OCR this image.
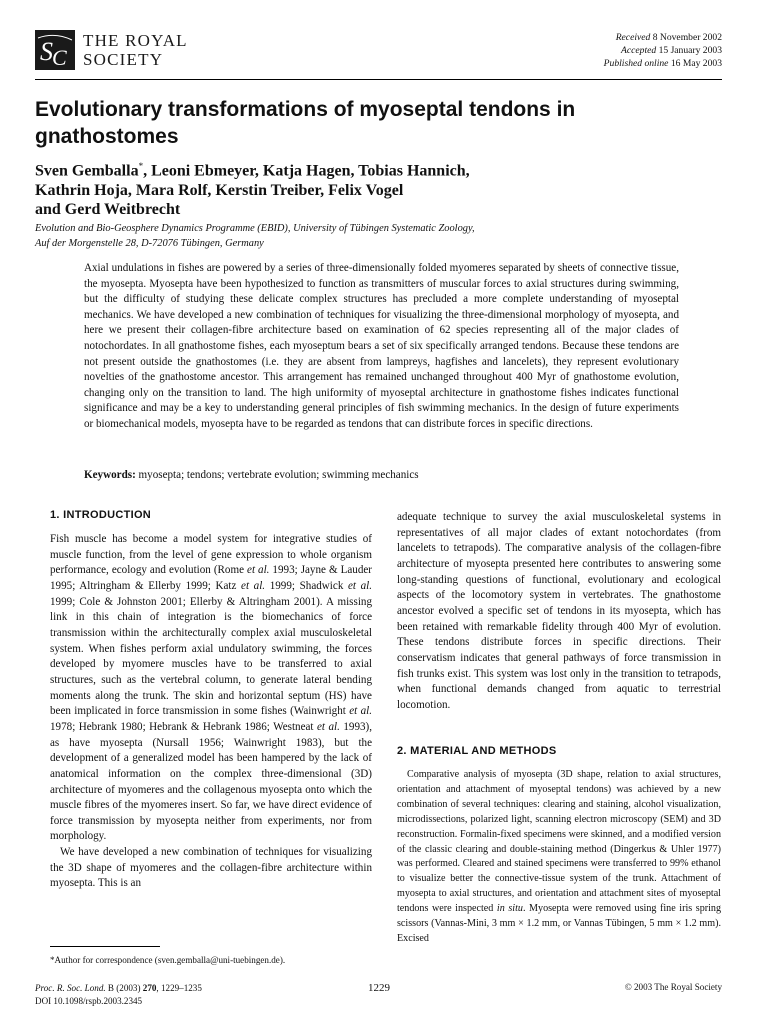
S C
THE ROYAL
SOCIETY
Received 8 November 2002
Accepted 15 January 2003
Published online 16 May 2003
Evolutionary transformations of myoseptal tendons in gnathostomes
Sven Gemballa*, Leoni Ebmeyer, Katja Hagen, Tobias Hannich,
Kathrin Hoja, Mara Rolf, Kerstin Treiber, Felix Vogel
and Gerd Weitbrecht
Evolution and Bio-Geosphere Dynamics Programme (EBID), University of Tübingen Systematic Zoology,
Auf der Morgenstelle 28, D-72076 Tübingen, Germany
Axial undulations in fishes are powered by a series of three-dimensionally folded myomeres separated by sheets of connective tissue, the myosepta. Myosepta have been hypothesized to function as transmitters of muscular forces to axial structures during swimming, but the difficulty of studying these delicate complex structures has precluded a more complete understanding of myoseptal mechanics. We have developed a new combination of techniques for visualizing the three-dimensional morphology of myosepta, and here we present their collagen-fibre architecture based on examination of 62 species representing all of the major clades of notochordates. In all gnathostome fishes, each myoseptum bears a set of six specifically arranged tendons. Because these tendons are not present outside the gnathostomes (i.e. they are absent from lampreys, hagfishes and lancelets), they represent evolutionary novelties of the gnathostome ancestor. This arrangement has remained unchanged throughout 400 Myr of gnathostome evolution, changing only on the transition to land. The high uniformity of myoseptal architecture in gnathostome fishes indicates functional significance and may be a key to understanding general principles of fish swimming mechanics. In the design of future experiments or biomechanical models, myosepta have to be regarded as tendons that can distribute forces in specific directions.
Keywords: myosepta; tendons; vertebrate evolution; swimming mechanics
1. INTRODUCTION

Fish muscle has become a model system for integrative studies of muscle function, from the level of gene expression to whole organism performance, ecology and evolution (Rome et al. 1993; Jayne & Lauder 1995; Altringham & Ellerby 1999; Katz et al. 1999; Shadwick et al. 1999; Cole & Johnston 2001; Ellerby & Altringham 2001). A missing link in this chain of integration is the biomechanics of force transmission within the architecturally complex axial musculoskeletal system. When fishes perform axial undulatory swimming, the forces developed by myomere muscles have to be transferred to axial structures, such as the vertebral column, to generate lateral bending moments along the trunk. The skin and horizontal septum (HS) have been implicated in force transmission in some fishes (Wainwright et al. 1978; Hebrank 1980; Hebrank & Hebrank 1986; Westneat et al. 1993), as have myosepta (Nursall 1956; Wainwright 1983), but the development of a generalized model has been hampered by the lack of anatomical information on the complex three-dimensional (3D) architecture of myomeres and the collagenous myosepta onto which the muscle fibres of the myomeres insert. So far, we have direct evidence of force transmission by myosepta neither from experiments, nor from morphology.

We have developed a new combination of techniques for visualizing the 3D shape of myomeres and the collagen-fibre architecture within myosepta. This is an

adequate technique to survey the axial musculoskeletal systems in representatives of all major clades of extant notochordates (from lancelets to tetrapods). The comparative analysis of the collagen-fibre architecture of myosepta presented here contributes to answering some long-standing questions of functional, evolutionary and ecological aspects of the locomotory system in vertebrates. The gnathostome ancestor evolved a specific set of tendons in its myosepta, which has been retained with remarkable fidelity through 400 Myr of evolution. These tendons distribute forces in specific directions. Their conservatism indicates that general pathways of force transmission in fish trunks exist. This system was lost only in the transition to tetrapods, when functional demands changed from aquatic to terrestrial locomotion.

2. MATERIAL AND METHODS

Comparative analysis of myosepta (3D shape, relation to axial structures, orientation and attachment of myoseptal tendons) was achieved by a new combination of several techniques: clearing and staining, alcohol visualization, microdissections, polarized light, scanning electron microscopy (SEM) and 3D reconstruction. Formalin-fixed specimens were skinned, and a modified version of the classic clearing and double-staining method (Dingerkus & Uhler 1977) was performed. Cleared and stained specimens were transferred to 99% ethanol to visualize better the connective-tissue system of the trunk. Attachment of myosepta to axial structures, and orientation and attachment sites of myoseptal tendons were inspected in situ. Myosepta were removed using fine iris spring scissors (Vannas-Mini, 3 mm × 1.2 mm, or Vannas Tübingen, 5 mm × 1.2 mm). Excised

*Author for correspondence (sven.gemballa@uni-tuebingen.de).
Proc. R. Soc. Lond. B (2003) 270, 1229–1235
DOI 10.1098/rspb.2003.2345
1229	© 2003 The Royal Society
